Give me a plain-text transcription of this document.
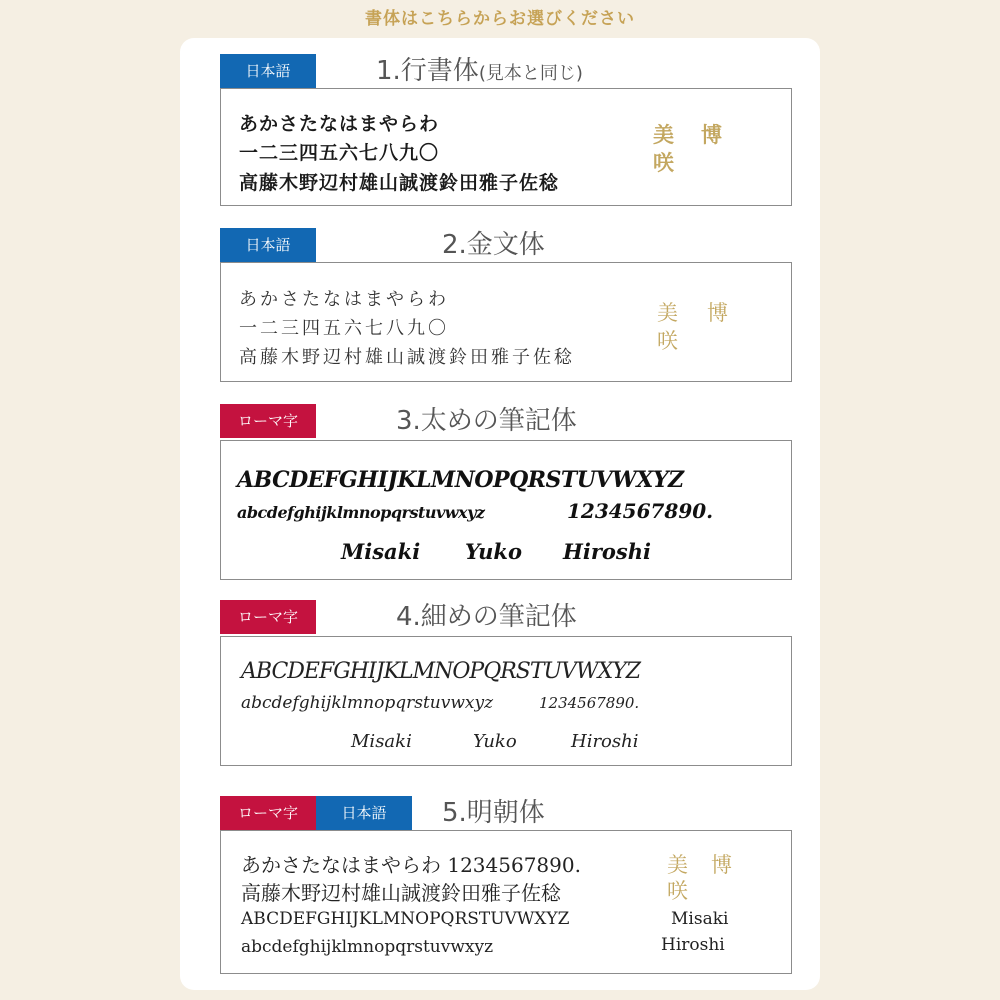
書体はこちらからお選びください
日本語	1.行書体(見本と同じ)
あかさたなはまやらわ
一二三四五六七八九〇
高藤木野辺村雄山誠渡鈴田雅子佐稔
美 博
咲
日本語	2.金文体
あかさたなはまやらわ
一二三四五六七八九〇
高藤木野辺村雄山誠渡鈴田雅子佐稔
美 博
咲
ローマ字	3.太めの筆記体
ABCDEFGHIJKLMNOPQRSTUVWXYZ
abcdefghijklmnopqrstuvwxyz	1234567890.
Misaki Yuko Hiroshi
ローマ字	4.細めの筆記体
ABCDEFGHIJKLMNOPQRSTUVWXYZ
abcdefghijklmnopqrstuvwxyz	1234567890.
Misaki	Yuko	Hiroshi
ローマ字	日本語	5.明朝体
あかさたなはまやらわ 1234567890.
高藤木野辺村雄山誠渡鈴田雅子佐稔
ABCDEFGHIJKLMNOPQRSTUVWXYZ
abcdefghijklmnopqrstuvwxyz
美 博
咲
Misaki
Hiroshi
